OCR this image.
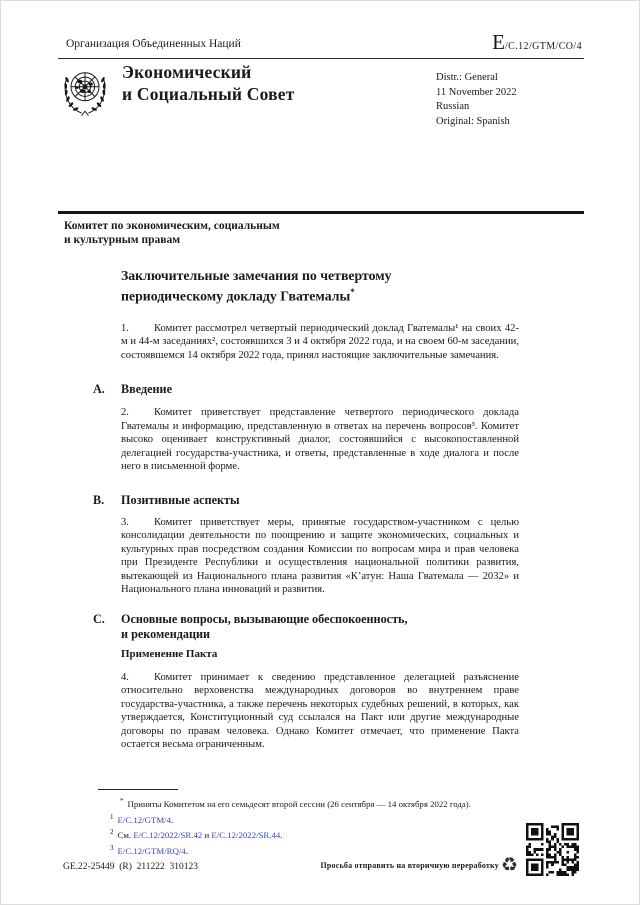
Организация Объединенных Наций	E/C.12/GTM/CO/4
Экономический
и Социальный Совет
Distr.: General
11 November 2022
Russian
Original: Spanish
Комитет по экономическим, социальным
и культурным правам
Заключительные замечания по четвертому
периодическому докладу Гватемалы*

1. Комитет рассмотрел четвертый периодический доклад Гватемалы¹ на своих 42-м и 44-м заседаниях², состоявшихся 3 и 4 октября 2022 года, и на своем 60-м заседании, состоявшемся 14 октября 2022 года, принял настоящие заключительные замечания.

A. Введение

2. Комитет приветствует представление четвертого периодического доклада Гватемалы и информацию, представленную в ответах на перечень вопросов³. Комитет высоко оценивает конструктивный диалог, состоявшийся с высокопоставленной делегацией государства-участника, и ответы, представленные в ходе диалога и после него в письменной форме.

B. Позитивные аспекты

3. Комитет приветствует меры, принятые государством-участником с целью консолидации деятельности по поощрению и защите экономических, социальных и культурных прав посредством создания Комиссии по вопросам мира и прав человека при Президенте Республики и осуществления национальной политики развития, вытекающей из Национального плана развития «К’атун: Наша Гватемала — 2032» и Национального плана инноваций и развития.

C. Основные вопросы, вызывающие обеспокоенность,
и рекомендации
Применение Пакта

4. Комитет принимает к сведению представленное делегацией разъяснение относительно верховенства международных договоров во внутреннем праве государства-участника, а также перечень некоторых судебных решений, в которых, как утверждается, Конституционный суд ссылался на Пакт или другие международные договоры по правам человека. Однако Комитет отмечает, что применение Пакта остается весьма ограниченным.

* Приняты Комитетом на его семьдесят второй сессии (26 сентября — 14 октября 2022 года).
$^1$ E/C.12/GTM/4.
$^2$ См. E/C.12/2022/SR.42 и E/C.12/2022/SR.44.
$^3$ E/C.12/GTM/RQ/4.
GE.22-25449  (R)  211222  310123	Просьба отправить на вторичную переработку ♻
